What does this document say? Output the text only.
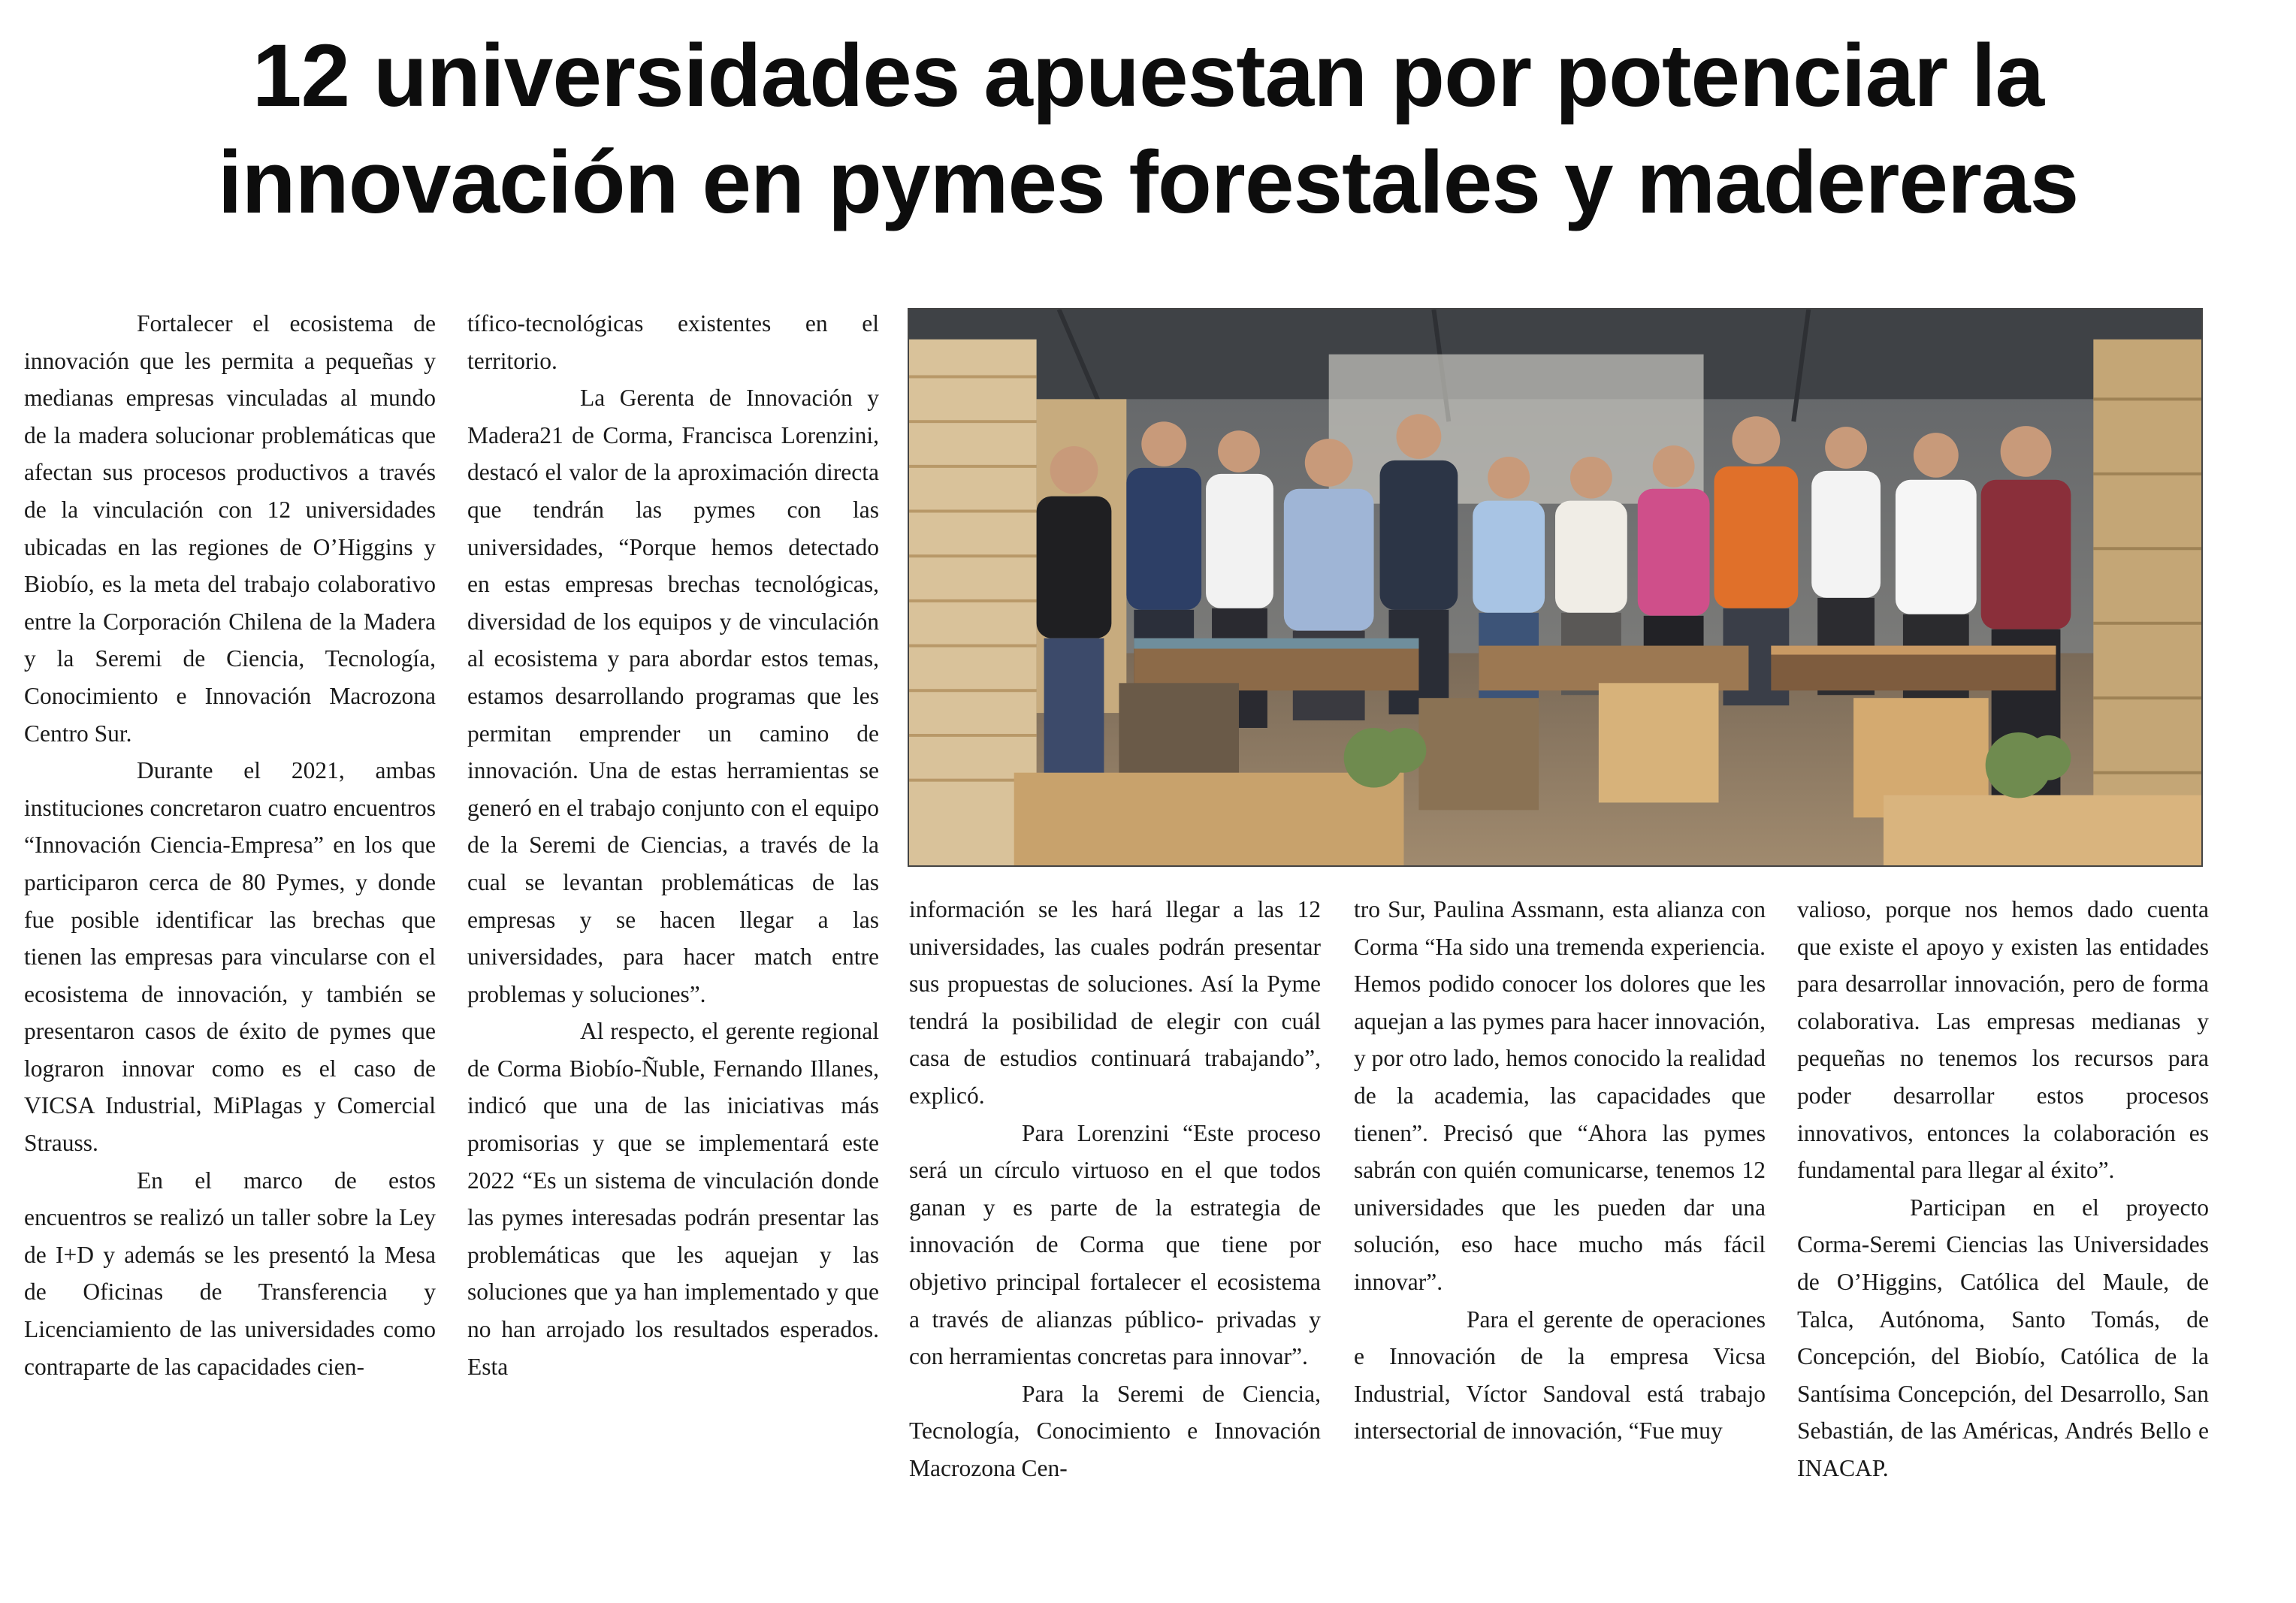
12 universidades apuestan por potenciar la
innovación en pymes forestales y madereras

Fortalecer el ecosistema de innovación que les permita a pequeñas y medianas empresas vinculadas al mundo de la madera solucionar problemáticas que afectan sus procesos productivos a través de la vinculación con 12 universidades ubicadas en las regiones de O’Higgins y Biobío, es la meta del trabajo colaborativo entre la Corporación Chilena de la Madera y la Seremi de Ciencia, Tecnología, Conocimiento e Innovación Macrozona Centro Sur.

Durante el 2021, ambas instituciones concretaron cuatro encuentros “Innovación Ciencia-Empresa” en los que participaron cerca de 80 Pymes, y donde fue posible identificar las brechas que tienen las empresas para vincularse con el ecosistema de innovación, y también se presentaron casos de éxito de pymes que lograron innovar como es el caso de VICSA Industrial, MiPlagas y Comercial Strauss.

En el marco de estos encuentros se realizó un taller sobre la Ley de I+D y además se les presentó la Mesa de Oficinas de Transferencia y Licenciamiento de las universidades como contraparte de las capacidades cien-

tífico-tecnológicas existentes en el territorio.

La Gerenta de Innovación y Madera21 de Corma, Francisca Lorenzini, destacó el valor de la aproximación directa que tendrán las pymes con las universidades, “Porque hemos detectado en estas empresas brechas tecnológicas, diversidad de los equipos y de vinculación al ecosistema y para abordar estos temas, estamos desarrollando programas que les permitan emprender un camino de innovación. Una de estas herramientas se generó en el trabajo conjunto con el equipo de la Seremi de Ciencias, a través de la cual se levantan problemáticas de las empresas y se hacen llegar a las universidades, para hacer match entre problemas y soluciones”.

Al respecto, el gerente regional de Corma Biobío-Ñuble, Fernando Illanes, indicó que una de las iniciativas más promisorias y que se implementará este 2022 “Es un sistema de vinculación donde las pymes interesadas podrán presentar las problemáticas que les aquejan y las soluciones que ya han implementado y que no han arrojado los resultados esperados. Esta

información se les hará llegar a las 12 universidades, las cuales podrán presentar sus propuestas de soluciones. Así la Pyme tendrá la posibilidad de elegir con cuál casa de estudios continuará trabajando”, explicó.

Para Lorenzini “Este proceso será un círculo virtuoso en el que todos ganan y es parte de la estrategia de innovación de Corma que tiene por objetivo principal fortalecer el ecosistema a través de alianzas público- privadas y con herramientas concretas para innovar”.

Para la Seremi de Ciencia, Tecnología, Conocimiento e Innovación Macrozona Cen-

tro Sur, Paulina Assmann, esta alianza con Corma “Ha sido una tremenda experiencia. Hemos podido conocer los dolores que les aquejan a las pymes para hacer innovación, y por otro lado, hemos conocido la realidad de la academia, las capacidades que tienen”. Precisó que “Ahora las pymes sabrán con quién comunicarse, tenemos 12 universidades que les pueden dar una solución, eso hace mucho más fácil innovar”.

Para el gerente de operaciones e Innovación de la empresa Vicsa Industrial, Víctor Sandoval está trabajo intersectorial de innovación, “Fue muy

valioso, porque nos hemos dado cuenta que existe el apoyo y existen las entidades para desarrollar innovación, pero de forma colaborativa. Las empresas medianas y pequeñas no tenemos los recursos para poder desarrollar estos procesos innovativos, entonces la colaboración es fundamental para llegar al éxito”.

Participan en el proyecto Corma-Seremi Ciencias las Universidades de O’Higgins, Católica del Maule, de Talca, Autónoma, Santo Tomás, de Concepción, del Biobío, Católica de la Santísima Concepción, del Desarrollo, San Sebastián, de las Américas, Andrés Bello e INACAP.
